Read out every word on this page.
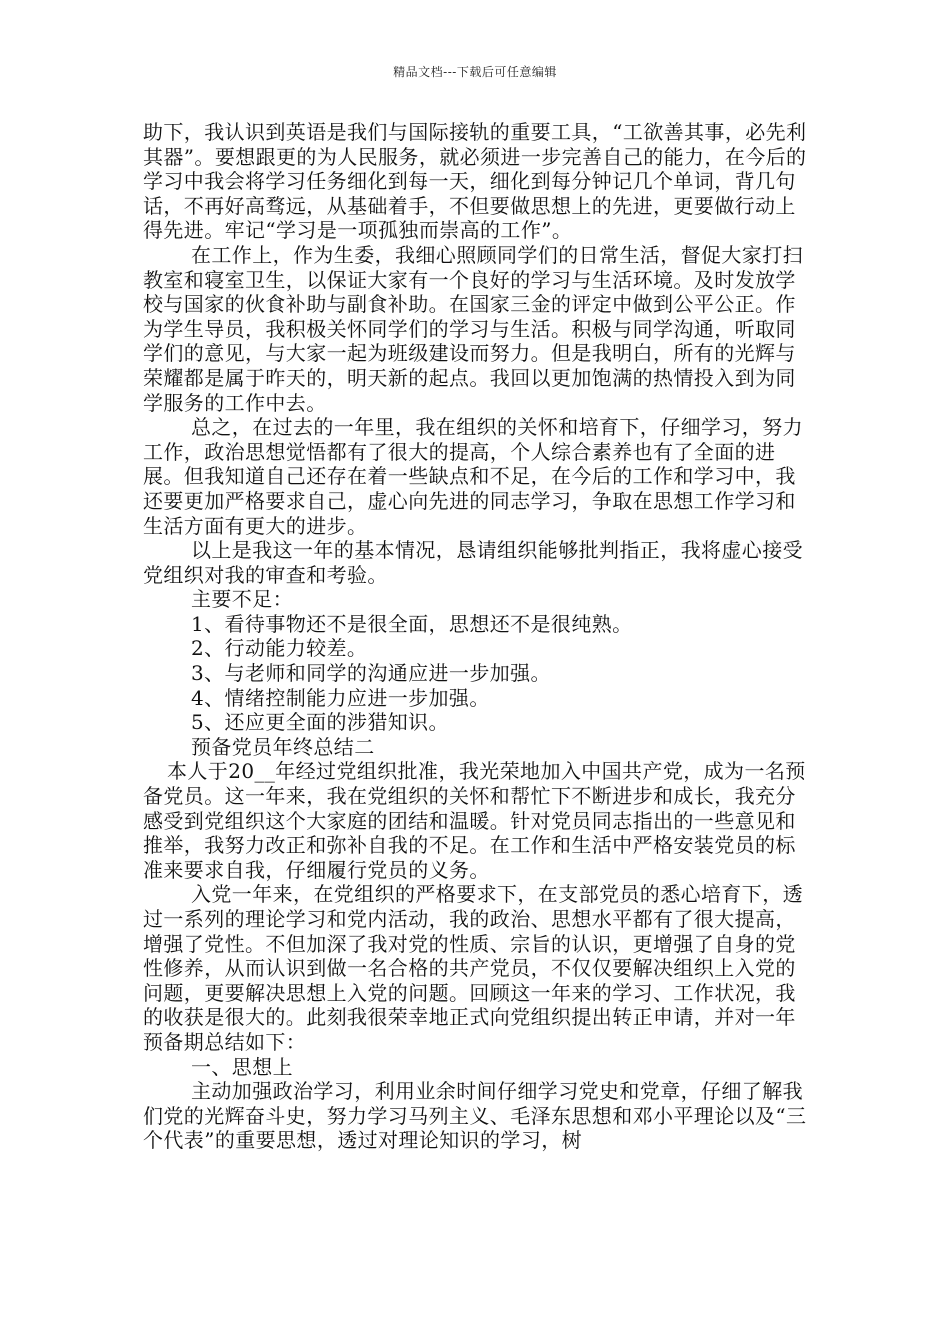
精品文档---下载后可任意编辑

助下，我认识到英语是我们与国际接轨的重要工具，“工欲善其事，必先利其器”。要想跟更的为人民服务，就必须进一步完善自己的能力，在今后的学习中我会将学习任务细化到每一天，细化到每分钟记几个单词，背几句话，不再好高骛远，从基础着手，不但要做思想上的先进，更要做行动上得先进。牢记“学习是一项孤独而崇高的工作”。

在工作上，作为生委，我细心照顾同学们的日常生活，督促大家打扫教室和寝室卫生，以保证大家有一个良好的学习与生活环境。及时发放学校与国家的伙食补助与副食补助。在国家三金的评定中做到公平公正。作为学生导员，我积极关怀同学们的学习与生活。积极与同学沟通，听取同学们的意见，与大家一起为班级建设而努力。但是我明白，所有的光辉与荣耀都是属于昨天的，明天新的起点。我回以更加饱满的热情投入到为同学服务的工作中去。

总之，在过去的一年里，我在组织的关怀和培育下，仔细学习，努力工作，政治思想觉悟都有了很大的提高，个人综合素养也有了全面的进展。但我知道自己还存在着一些缺点和不足，在今后的工作和学习中，我还要更加严格要求自己，虚心向先进的同志学习，争取在思想工作学习和生活方面有更大的进步。

以上是我这一年的基本情况，恳请组织能够批判指正，我将虚心接受党组织对我的审查和考验。

主要不足：

1、看待事物还不是很全面，思想还不是很纯熟。

2、行动能力较差。

3、与老师和同学的沟通应进一步加强。

4、情绪控制能力应进一步加强。

5、还应更全面的涉猎知识。

预备党员年终总结二

本人于20__年经过党组织批准，我光荣地加入中国共产党，成为一名预备党员。这一年来，我在党组织的关怀和帮忙下不断进步和成长，我充分感受到党组织这个大家庭的团结和温暖。针对党员同志指出的一些意见和推举，我努力改正和弥补自我的不足。在工作和生活中严格安装党员的标准来要求自我，仔细履行党员的义务。

入党一年来，在党组织的严格要求下，在支部党员的悉心培育下，透过一系列的理论学习和党内活动，我的政治、思想水平都有了很大提高，增强了党性。不但加深了我对党的性质、宗旨的认识，更增强了自身的党性修养，从而认识到做一名合格的共产党员，不仅仅要解决组织上入党的问题，更要解决思想上入党的问题。回顾这一年来的学习、工作状况，我的收获是很大的。此刻我很荣幸地正式向党组织提出转正申请，并对一年预备期总结如下：

一、思想上

主动加强政治学习，利用业余时间仔细学习党史和党章，仔细了解我们党的光辉奋斗史，努力学习马列主义、毛泽东思想和邓小平理论以及“三个代表”的重要思想，透过对理论知识的学习，树
